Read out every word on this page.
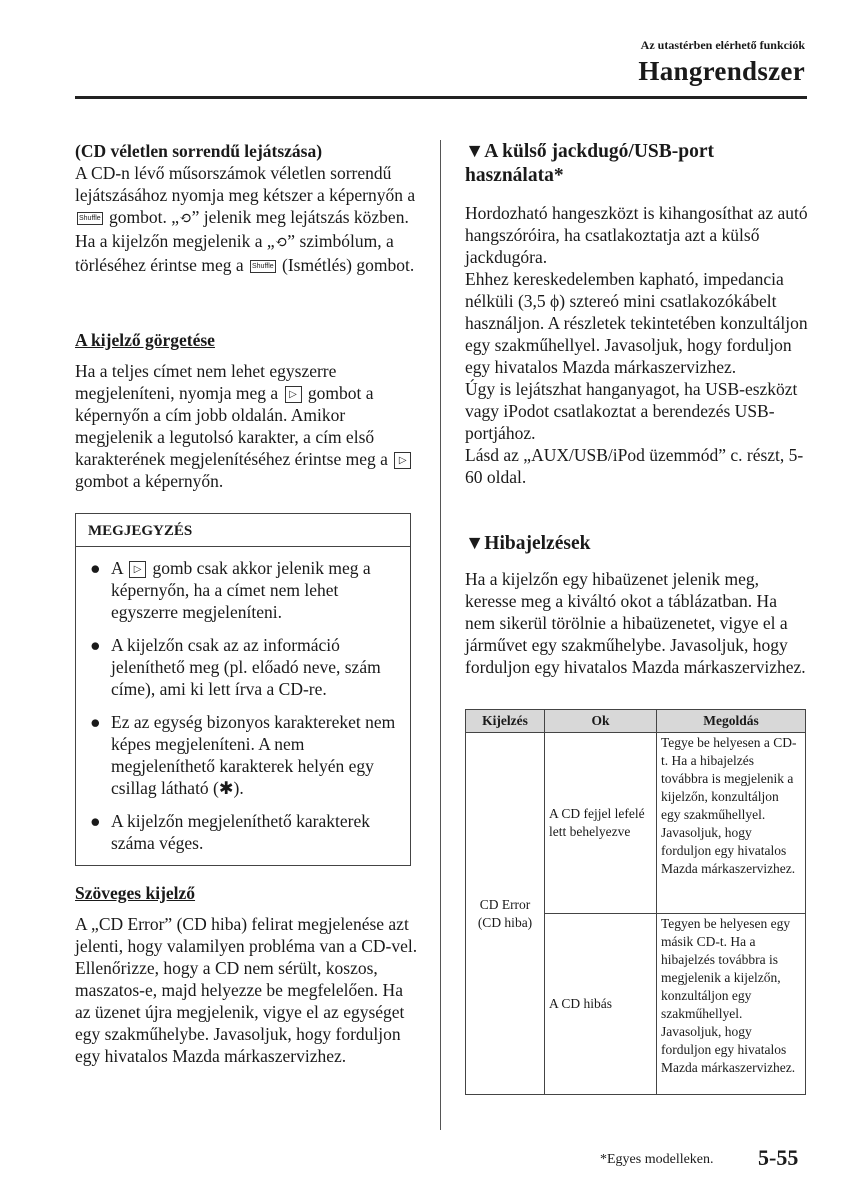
Az utastérben elérhető funkciók
Hangrendszer

(CD véletlen sorrendű lejátszása)

A CD-n lévő műsorszámok véletlen sorrendű lejátszásához nyomja meg kétszer a képernyőn a Shuffle gombot. „⟲” jelenik meg lejátszás közben. Ha a kijelzőn megjelenik a „⟲” szimbólum, a törléséhez érintse meg a Shuffle (Ismétlés) gombot.

A kijelző görgetése

Ha a teljes címet nem lehet egyszerre megjeleníteni, nyomja meg a ▷ gombot a képernyőn a cím jobb oldalán. Amikor megjelenik a legutolsó karakter, a cím első karakterének megjelenítéséhez érintse meg a ▷ gombot a képernyőn.

MEGJEGYZÉS
● A ▷ gomb csak akkor jelenik meg a képernyőn, ha a címet nem lehet egyszerre megjeleníteni.
● A kijelzőn csak az az információ jeleníthető meg (pl. előadó neve, szám címe), ami ki lett írva a CD-re.
● Ez az egység bizonyos karaktereket nem képes megjeleníteni. A nem megjeleníthető karakterek helyén egy csillag látható (✱).
● A kijelzőn megjeleníthető karakterek száma véges.

Szöveges kijelző

A „CD Error” (CD hiba) felirat megjelenése azt jelenti, hogy valamilyen probléma van a CD-vel. Ellenőrizze, hogy a CD nem sérült, koszos, maszatos-e, majd helyezze be megfelelően. Ha az üzenet újra megjelenik, vigye el az egységet egy szakműhelybe. Javasoljuk, hogy forduljon egy hivatalos Mazda márkaszervizhez.

▼A külső jackdugó/USB-port használata*

Hordozható hangeszközt is kihangosíthat az autó hangszóróira, ha csatlakoztatja azt a külső jackdugóra.

Ehhez kereskedelemben kapható, impedancia nélküli (3,5 ϕ) sztereó mini csatlakozókábelt használjon. A részletek tekintetében konzultáljon egy szakműhellyel. Javasoljuk, hogy forduljon egy hivatalos Mazda márkaszervizhez.

Úgy is lejátszhat hanganyagot, ha USB-eszközt vagy iPodot csatlakoztat a berendezés USB-portjához.

Lásd az „AUX/USB/iPod üzemmód” c. részt, 5-60 oldal.

▼Hibajelzések

Ha a kijelzőn egy hibaüzenet jelenik meg, keresse meg a kiváltó okot a táblázatban. Ha nem sikerül törölnie a hibaüzenetet, vigye el a járművet egy szakműhelybe. Javasoljuk, hogy forduljon egy hivatalos Mazda márkaszervizhez.

Kijelzés	Ok	Megoldás
CD Error (CD hiba)	A CD fejjel lefelé lett behelyezve	Tegye be helyesen a CD-t. Ha a hibajelzés továbbra is megjelenik a kijelzőn, konzultáljon egy szakműhellyel. Javasoljuk, hogy forduljon egy hivatalos Mazda márkaszervizhez.
	A CD hibás	Tegyen be helyesen egy másik CD-t. Ha a hibajelzés továbbra is megjelenik a kijelzőn, konzultáljon egy szakműhellyel. Javasoljuk, hogy forduljon egy hivatalos Mazda márkaszervizhez.
*Egyes modelleken. 5-55
